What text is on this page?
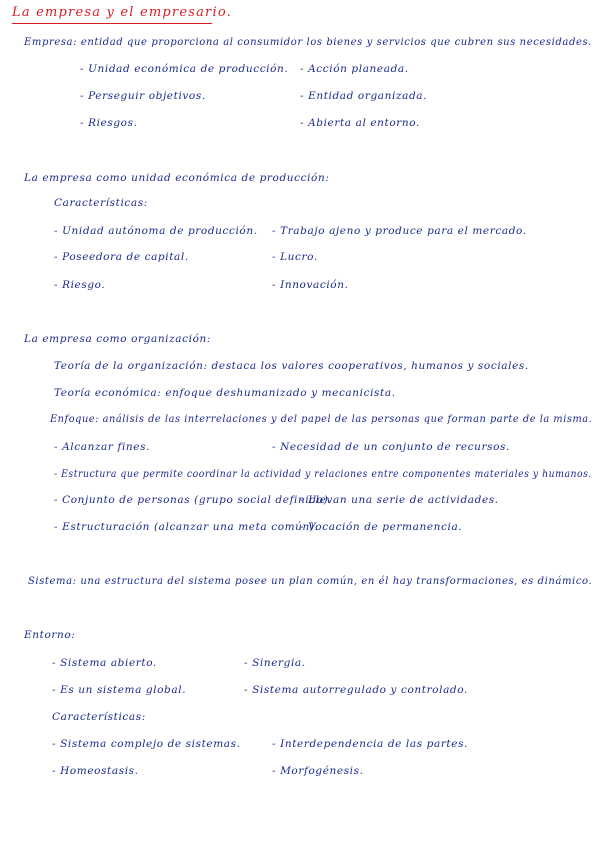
La empresa y el empresario.
Empresa: entidad que proporciona al consumidor los bienes y servicios que cubren sus necesidades.
- Unidad económica de producción.
- Perseguir objetivos.
- Riesgos.
- Acción planeada.
- Entidad organizada.
- Abierta al entorno.
La empresa como unidad económica de producción:
Características:
- Unidad autónoma de producción.
- Poseedora de capital.
- Riesgo.
- Trabajo ajeno y produce para el mercado.
- Lucro.
- Innovación.
La empresa como organización:
Teoría de la organización: destaca los valores cooperativos, humanos y sociales.
Teoría económica: enfoque deshumanizado y mecanicista.
Enfoque: análisis de las interrelaciones y del papel de las personas que forman parte de la misma.
- Alcanzar fines.	- Necesidad de un conjunto de recursos.
- Estructura que permite coordinar la actividad y relaciones entre componentes materiales y humanos.
- Conjunto de personas (grupo social definido).
- Llevan una serie de actividades.
- Estructuración (alcanzar una meta común).
- Vocación de permanencia.
Sistema: una estructura del sistema posee un plan común, en él hay transformaciones, es dinámico.
Entorno:
- Sistema abierto.
- Es un sistema global.
- Sinergia.
- Sistema autorregulado y controlado.
Características:
- Sistema complejo de sistemas.
- Homeostasis.
- Interdependencia de las partes.
- Morfogénesis.
